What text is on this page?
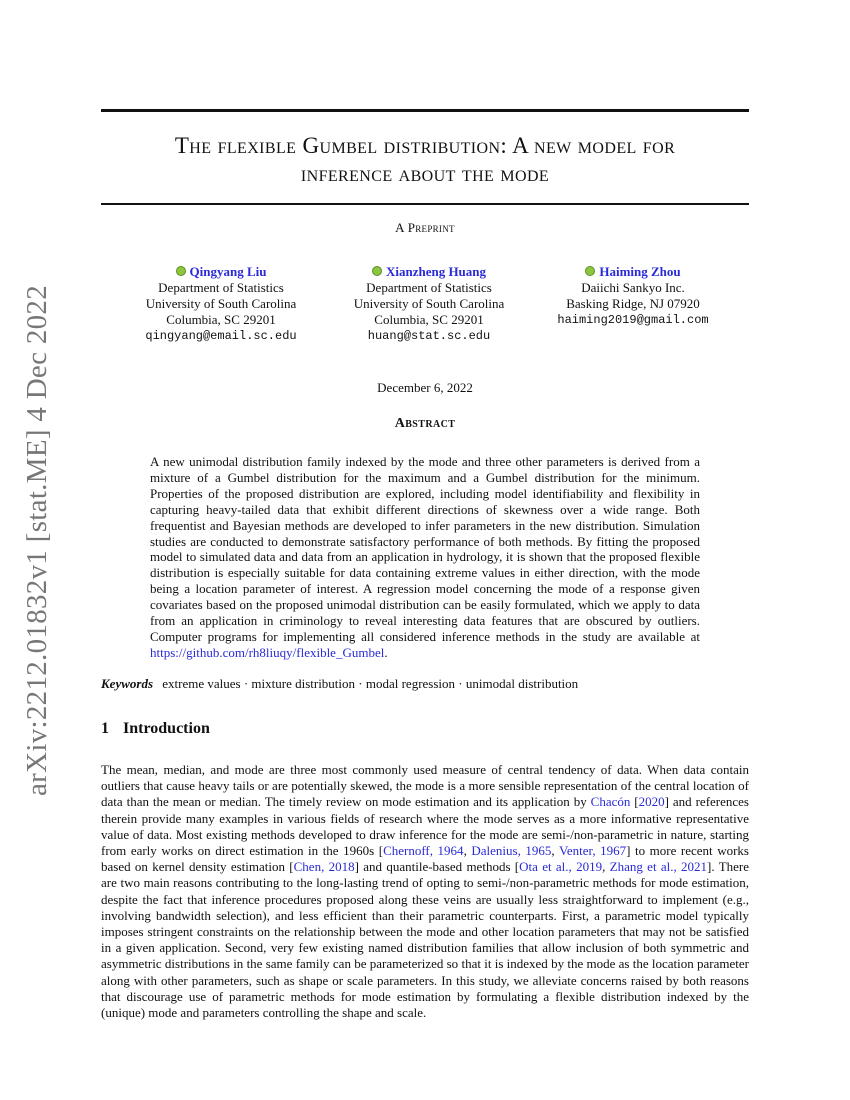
arXiv:2212.01832v1 [stat.ME] 4 Dec 2022
The flexible Gumbel distribution: A new model for
inference about the mode
A Preprint
Qingyang Liu
Department of Statistics
University of South Carolina
Columbia, SC 29201
qingyang@email.sc.edu
Xianzheng Huang
Department of Statistics
University of South Carolina
Columbia, SC 29201
huang@stat.sc.edu
Haiming Zhou
Daiichi Sankyo Inc.
Basking Ridge, NJ 07920
haiming2019@gmail.com
December 6, 2022
Abstract

A new unimodal distribution family indexed by the mode and three other parameters is derived from a mixture of a Gumbel distribution for the maximum and a Gumbel distribution for the minimum. Properties of the proposed distribution are explored, including model identifiability and flexibility in capturing heavy-tailed data that exhibit different directions of skewness over a wide range. Both frequentist and Bayesian methods are developed to infer parameters in the new distribution. Simulation studies are conducted to demonstrate satisfactory performance of both methods. By fitting the proposed model to simulated data and data from an application in hydrology, it is shown that the proposed flexible distribution is especially suitable for data containing extreme values in either direction, with the mode being a location parameter of interest. A regression model concerning the mode of a response given covariates based on the proposed unimodal distribution can be easily formulated, which we apply to data from an application in criminology to reveal interesting data features that are obscured by outliers. Computer programs for implementing all considered inference methods in the study are available at https://github.com/rh8liuqy/flexible_Gumbel.

Keywords extreme values · mixture distribution · modal regression · unimodal distribution
1 Introduction

The mean, median, and mode are three most commonly used measure of central tendency of data. When data contain outliers that cause heavy tails or are potentially skewed, the mode is a more sensible representation of the central location of data than the mean or median. The timely review on mode estimation and its application by Chacón [2020] and references therein provide many examples in various fields of research where the mode serves as a more informative representative value of data. Most existing methods developed to draw inference for the mode are semi-/non-parametric in nature, starting from early works on direct estimation in the 1960s [Chernoff, 1964, Dalenius, 1965, Venter, 1967] to more recent works based on kernel density estimation [Chen, 2018] and quantile-based methods [Ota et al., 2019, Zhang et al., 2021]. There are two main reasons contributing to the long-lasting trend of opting to semi-/non-parametric methods for mode estimation, despite the fact that inference procedures proposed along these veins are usually less straightforward to implement (e.g., involving bandwidth selection), and less efficient than their parametric counterparts. First, a parametric model typically imposes stringent constraints on the relationship between the mode and other location parameters that may not be satisfied in a given application. Second, very few existing named distribution families that allow inclusion of both symmetric and asymmetric distributions in the same family can be parameterized so that it is indexed by the mode as the location parameter along with other parameters, such as shape or scale parameters. In this study, we alleviate concerns raised by both reasons that discourage use of parametric methods for mode estimation by formulating a flexible distribution indexed by the (unique) mode and parameters controlling the shape and scale.
